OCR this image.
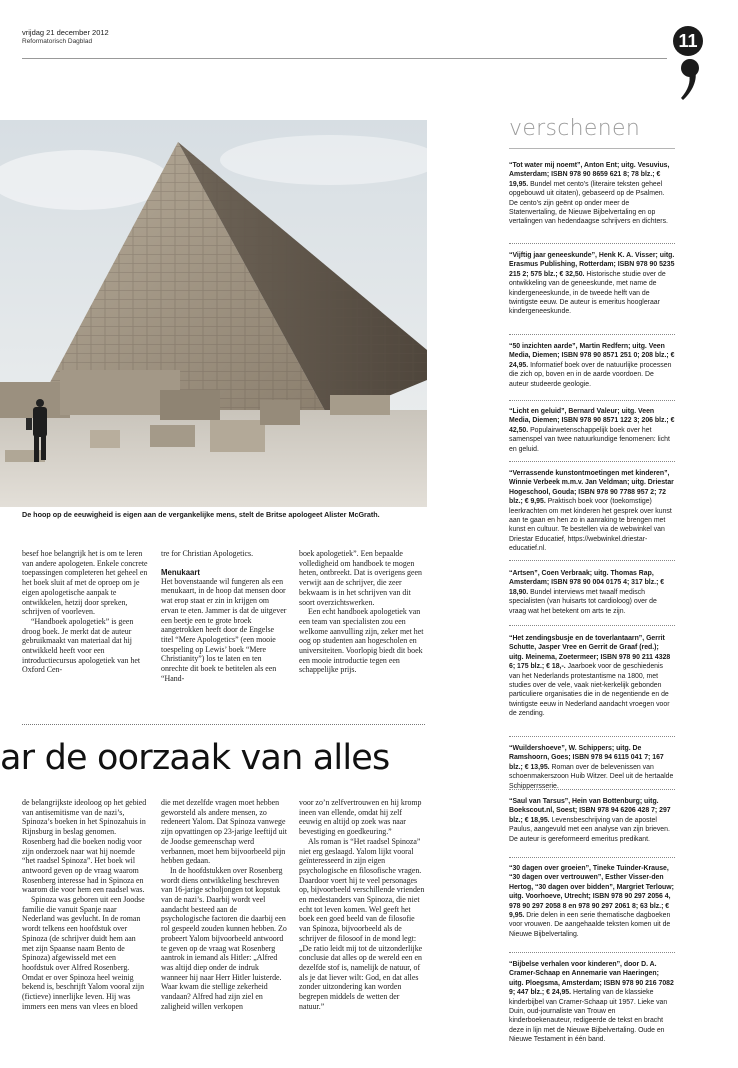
vrijdag 21 december 2012
Reformatorisch Dagblad	11
De hoop op de eeuwigheid is eigen aan de vergankelijke mens, stelt de Britse apologeet Alister McGrath.

besef hoe belangrijk het is om te leren van andere apologeten. Enkele concrete toepassingen completeren het geheel en het boek sluit af met de oproep om je eigen apologetische aanpak te ontwikkelen, hetzij door spreken, schrijven of voorleven.

“Handboek apologetiek” is geen droog boek. Je merkt dat de auteur gebruikmaakt van materiaal dat hij ontwikkeld heeft voor een introductiecursus apologetiek van het Oxford Cen-

tre for Christian Apologetics.

Menukaart

Het bovenstaande wil fungeren als een menukaart, in de hoop dat mensen door wat erop staat er zin in krijgen om ervan te eten. Jammer is dat de uitgever een beetje een te grote broek aangetrokken heeft door de Engelse titel “Mere Apologetics” (een mooie toespeling op Lewis’ boek “Mere Christianity”) los te laten en ten onrechte dit boek te betitelen als een “Hand-

boek apologetiek”. Een bepaalde volledigheid om handboek te mogen heten, ontbreekt. Dat is overigens geen verwijt aan de schrijver, die zeer bekwaam is in het schrijven van dit soort overzichtswerken.

Een echt handboek apologetiek van een team van specialisten zou een welkome aanvulling zijn, zeker met het oog op studenten aan hogescholen en universiteiten. Voorlopig biedt dit boek een mooie introductie tegen een schappelijke prijs.

ar de oorzaak van alles

de belangrijkste ideoloog op het gebied van antisemitisme van de nazi’s, Spinoza’s boeken in het Spinozahuis in Rijnsburg in beslag genomen. Rosenberg had die boeken nodig voor zijn onderzoek naar wat hij noemde “het raadsel Spinoza”. Het boek wil antwoord geven op de vraag waarom Rosenberg interesse had in Spinoza en waarom die voor hem een raadsel was.

Spinoza was geboren uit een Joodse familie die vanuit Spanje naar Nederland was gevlucht. In de roman wordt telkens een hoofdstuk over Spinoza (de schrijver duidt hem aan met zijn Spaanse naam Bento de Spinoza) afgewisseld met een hoofdstuk over Alfred Rosenberg. Omdat er over Spinoza heel weinig bekend is, beschrijft Yalom vooral zijn (fictieve) innerlijke leven. Hij was immers een mens van vlees en bloed

die met dezelfde vragen moet hebben geworsteld als andere mensen, zo redeneert Yalom. Dat Spinoza vanwege zijn opvattingen op 23-jarige leeftijd uit de Joodse gemeenschap werd verbannen, moet hem bijvoorbeeld pijn hebben gedaan.

In de hoofdstukken over Rosenberg wordt diens ontwikkeling beschreven van 16-jarige scholjongen tot kopstuk van de nazi’s. Daarbij wordt veel aandacht besteed aan de psychologische factoren die daarbij een rol gespeeld zouden kunnen hebben. Zo probeert Yalom bijvoorbeeld antwoord te geven op de vraag wat Rosenberg aantrok in iemand als Hitler: „Alfred was altijd diep onder de indruk wanneer hij naar Herr Hitler luisterde. Waar kwam die stellige zekerheid vandaan? Alfred had zijn ziel en zaligheid willen verkopen

voor zo’n zelfvertrouwen en hij kromp ineen van ellende, omdat hij zelf eeuwig en altijd op zoek was naar bevestiging en goedkeuring.”

Als roman is “Het raadsel Spinoza” niet erg geslaagd. Yalom lijkt vooral geïnteresseerd in zijn eigen psychologische en filosofische vragen. Daardoor voert hij te veel personages op, bijvoorbeeld verschillende vrienden en medestanders van Spinoza, die niet echt tot leven komen. Wel geeft het boek een goed beeld van de filosofie van Spinoza, bijvoorbeeld als de schrijver de filosoof in de mond legt: „De ratio leidt mij tot de uitzonderlijke conclusie dat alles op de wereld een en dezelfde stof is, namelijk de natuur, of als je dat liever wilt: God, en dat alles zonder uitzondering kan worden begrepen middels de wetten der natuur.”

verschenen
“Tot water mij noemt”, Anton Ent; uitg. Vesuvius, Amsterdam; ISBN 978 90 8659 621 8; 78 blz.; € 19,95. Bundel met cento’s (literaire teksten geheel opgebouwd uit citaten), gebaseerd op de Psalmen. De cento’s zijn geënt op onder meer de Statenvertaling, de Nieuwe Bijbelvertaling en op vertalingen van hedendaagse schrijvers en dichters.
“Vijftig jaar geneeskunde”, Henk K. A. Visser; uitg. Erasmus Publishing, Rotterdam; ISBN 978 90 5235 215 2; 575 blz.; € 32,50. Historische studie over de ontwikkeling van de geneeskunde, met name de kindergeneeskunde, in de tweede helft van de twintigste eeuw. De auteur is emeritus hoogleraar kindergeneeskunde.
“50 inzichten aarde”, Martin Redfern; uitg. Veen Media, Diemen; ISBN 978 90 8571 251 0; 208 blz.; € 24,95. Informatief boek over de natuurlijke processen die zich op, boven en in de aarde voordoen. De auteur studeerde geologie.
“Licht en geluid”, Bernard Valeur; uitg. Veen Media, Diemen; ISBN 978 90 8571 122 3; 206 blz.; € 42,50. Populairwetenschappelijk boek over het samenspel van twee natuurkundige fenomenen: licht en geluid.
“Verrassende kunstontmoetingen met kinderen”, Winnie Verbeek m.m.v. Jan Veldman; uitg. Driestar Hogeschool, Gouda; ISBN 978 90 7788 957 2; 72 blz.; € 9,95. Praktisch boek voor (toekomstige) leerkrachten om met kinderen het gesprek over kunst aan te gaan en hen zo in aanraking te brengen met kunst en cultuur. Te bestellen via de webwinkel van Driestar Educatief, https://webwinkel.driestar-educatief.nl.
“Artsen”, Coen Verbraak; uitg. Thomas Rap, Amsterdam; ISBN 978 90 004 0175 4; 317 blz.; € 18,90. Bundel interviews met twaalf medisch specialisten (van huisarts tot cardioloog) over de vraag wat het betekent om arts te zijn.
“Het zendingsbusje en de toverlantaarn”, Gerrit Schutte, Jasper Vree en Gerrit de Graaf (red.); uitg. Meinema, Zoetermeer; ISBN 978 90 211 4328 6; 175 blz.; € 18,-. Jaarboek voor de geschiedenis van het Nederlands protestantisme na 1800, met studies over de vele, vaak niet-kerkelijk gebonden particuliere organisaties die in de negentiende en de twintigste eeuw in Nederland aandacht vroegen voor de zending.
“Wuildershoeve”, W. Schippers; uitg. De Ramshoorn, Goes; ISBN 978 94 6115 041 7; 167 blz.; € 13,95. Roman over de belevenissen van schoenmakerszoon Huib Witzer. Deel uit de hertaalde Schipperrsserie.
“Saul van Tarsus”, Hein van Bottenburg; uitg. Boekscout.nl, Soest; ISBN 978 94 6206 428 7; 297 blz.; € 18,95. Levensbeschrijving van de apostel Paulus, aangevuld met een analyse van zijn brieven. De auteur is gereformeerd emeritus predikant.
“30 dagen over groeien”, Tineke Tuinder-Krause, “30 dagen over vertrouwen”, Esther Visser-den Hertog, “30 dagen over bidden”, Margriet Terlouw; uitg. Voorhoeve, Utrecht; ISBN 978 90 297 2056 4, 978 90 297 2058 8 en 978 90 297 2061 8; 63 blz.; € 9,95. Drie delen in een serie thematische dagboeken voor vrouwen. De aangehaalde teksten komen uit de Nieuwe Bijbelvertaling.
“Bijbelse verhalen voor kinderen”, door D. A. Cramer-Schaap en Annemarie van Haeringen; uitg. Ploegsma, Amsterdam; ISBN 978 90 216 7082 9; 447 blz.; € 24,95. Hertaling van de klassieke kinderbijbel van Cramer-Schaap uit 1957. Lieke van Duin, oud-journaliste van Trouw en kinderboekenauteur, redigeerde de tekst en bracht deze in lijn met de Nieuwe Bijbelvertaling. Oude en Nieuwe Testament in één band.
